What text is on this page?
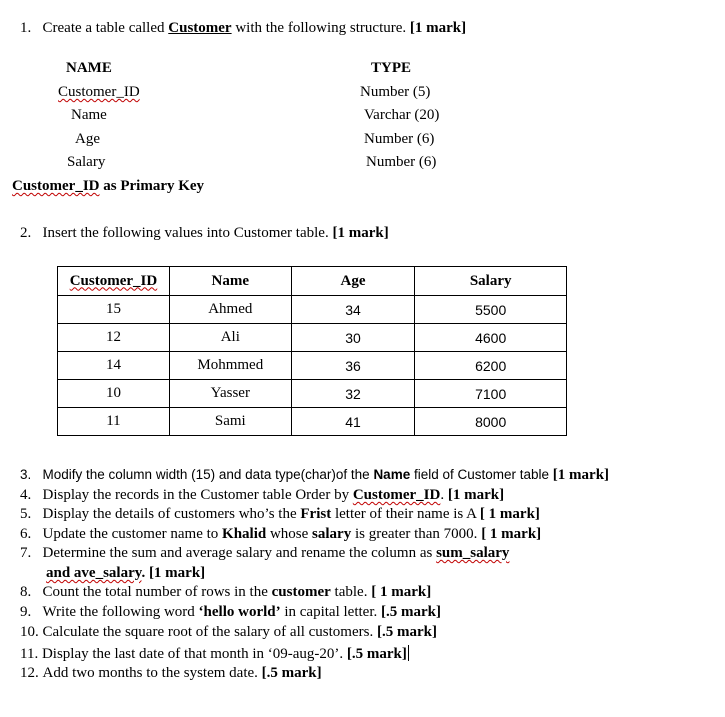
1. Create a table called Customer with the following structure. [1 mark]
NAME	TYPE
Customer_ID	Number (5)
Name	Varchar (20)
Age	Number (6)
Salary	Number (6)
Customer_ID as Primary Key
2. Insert the following values into Customer table. [1 mark]
Customer_ID	Name	Age	Salary
15	Ahmed	34	5500
12	Ali	30	4600
14	Mohmmed	36	6200
10	Yasser	32	7100
11	Sami	41	8000
3. Modify the column width (15) and data type(char)of the Name field of Customer table [1 mark]
4. Display the records in the Customer table Order by Customer_ID. [1 mark]
5. Display the details of customers who’s the Frist letter of their name is A [ 1 mark]
6. Update the customer name to Khalid whose salary is greater than 7000. [ 1 mark]
7. Determine the sum and average salary and rename the column as sum_salary
and ave_salary. [1 mark]
8. Count the total number of rows in the customer table. [ 1 mark]
9. Write the following word ‘hello world’ in capital letter. [.5 mark]
10. Calculate the square root of the salary of all customers. [.5 mark]
11. Display the last date of that month in ‘09-aug-20’. [.5 mark]
12. Add two months to the system date. [.5 mark]
